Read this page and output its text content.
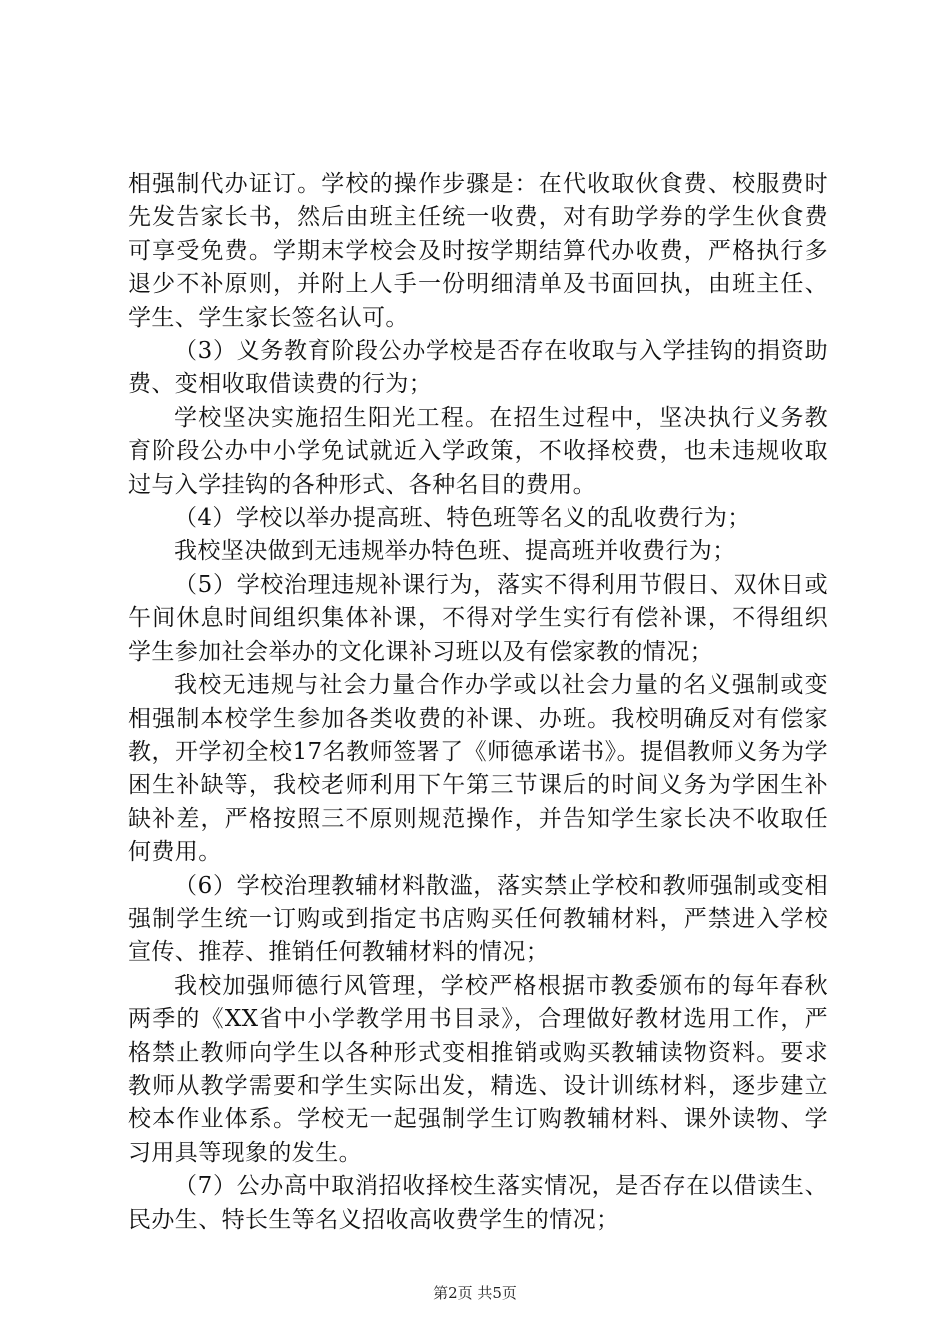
相强制代办证订。学校的操作步骤是：在代收取伙食费、校服费时先发告家长书，然后由班主任统一收费，对有助学券的学生伙食费可享受免费。学期末学校会及时按学期结算代办收费，严格执行多退少不补原则，并附上人手一份明细清单及书面回执，由班主任、学生、学生家长签名认可。

（3）义务教育阶段公办学校是否存在收取与入学挂钩的捐资助费、变相收取借读费的行为；

学校坚决实施招生阳光工程。在招生过程中，坚决执行义务教育阶段公办中小学免试就近入学政策，不收择校费，也未违规收取过与入学挂钩的各种形式、各种名目的费用。

（4）学校以举办提高班、特色班等名义的乱收费行为；

我校坚决做到无违规举办特色班、提高班并收费行为；

（5）学校治理违规补课行为，落实不得利用节假日、双休日或午间休息时间组织集体补课，不得对学生实行有偿补课，不得组织学生参加社会举办的文化课补习班以及有偿家教的情况；

我校无违规与社会力量合作办学或以社会力量的名义强制或变相强制本校学生参加各类收费的补课、办班。我校明确反对有偿家教，开学初全校17名教师签署了《师德承诺书》。提倡教师义务为学困生补缺等，我校老师利用下午第三节课后的时间义务为学困生补缺补差，严格按照三不原则规范操作，并告知学生家长决不收取任何费用。

（6）学校治理教辅材料散滥，落实禁止学校和教师强制或变相强制学生统一订购或到指定书店购买任何教辅材料，严禁进入学校宣传、推荐、推销任何教辅材料的情况；

我校加强师德行风管理，学校严格根据市教委颁布的每年春秋两季的《XX省中小学教学用书目录》，合理做好教材选用工作，严格禁止教师向学生以各种形式变相推销或购买教辅读物资料。要求教师从教学需要和学生实际出发，精选、设计训练材料，逐步建立校本作业体系。学校无一起强制学生订购教辅材料、课外读物、学习用具等现象的发生。

（7）公办高中取消招收择校生落实情况，是否存在以借读生、民办生、特长生等名义招收高收费学生的情况；

第2页 共5页
